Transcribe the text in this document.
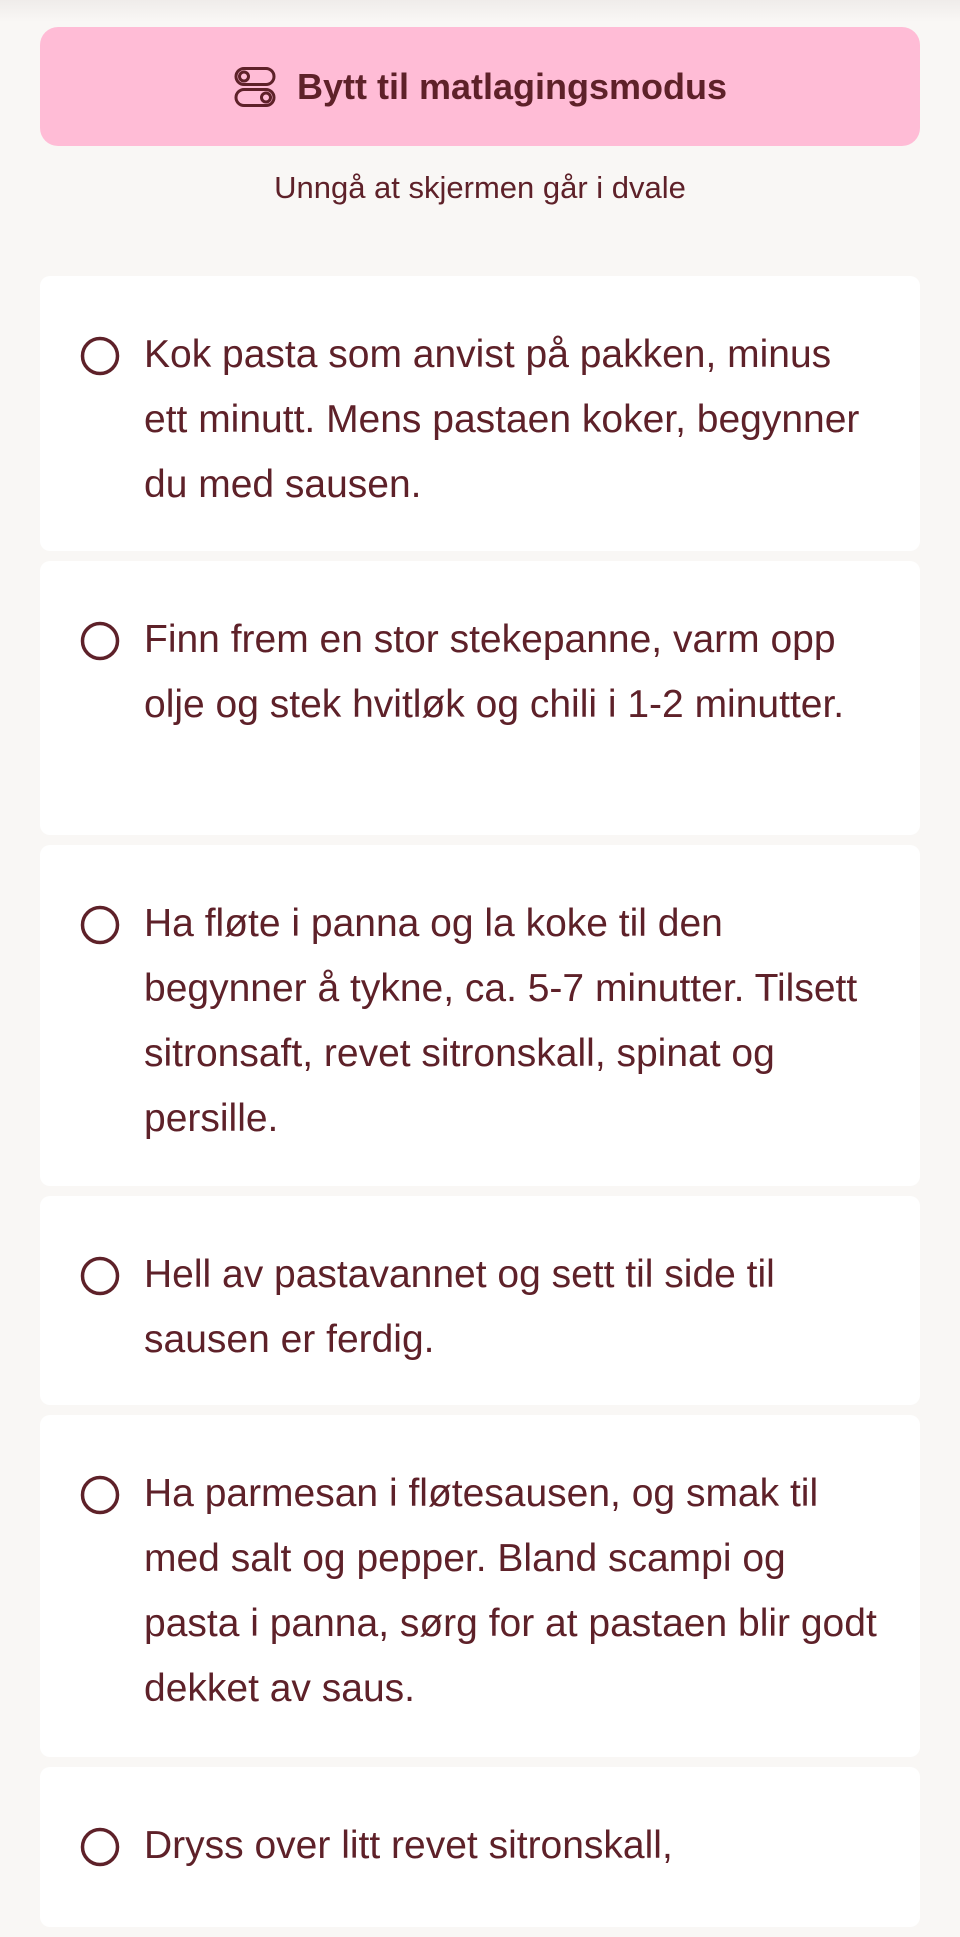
Bytt til matlagingsmodus
Unngå at skjermen går i dvale
Kok pasta som anvist på pakken, minus ett minutt. Mens pastaen koker, begynner du med sausen.
Finn frem en stor stekepanne, varm opp olje og stek hvitløk og chili i 1-2 minutter.
Ha fløte i panna og la koke til den begynner å tykne, ca. 5-7 minutter. Tilsett sitronsaft, revet sitronskall, spinat og persille.
Hell av pastavannet og sett til side til sausen er ferdig.
Ha parmesan i fløtesausen, og smak til med salt og pepper. Bland scampi og pasta i panna, sørg for at pastaen blir godt dekket av saus.
Dryss over litt revet sitronskall,
